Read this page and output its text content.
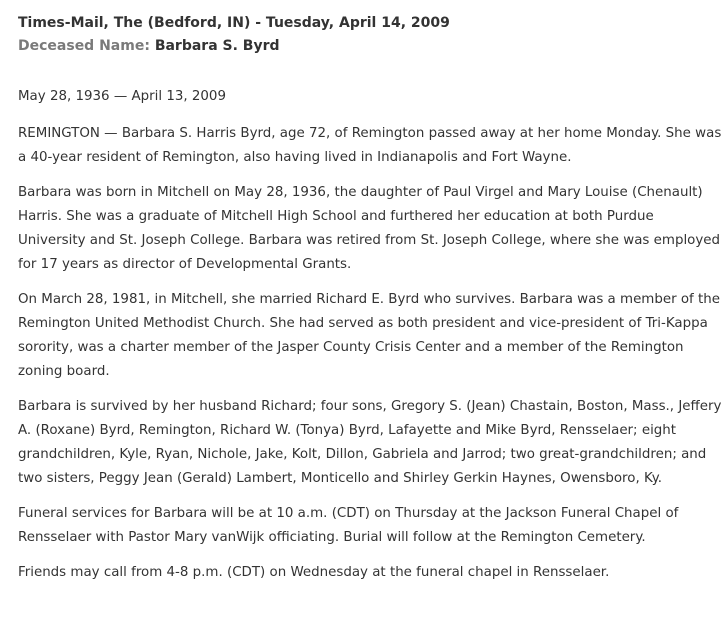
Times-Mail, The (Bedford, IN) - Tuesday, April 14, 2009
Deceased Name: Barbara S. Byrd
May 28, 1936 — April 13, 2009
REMINGTON — Barbara S. Harris Byrd, age 72, of Remington passed away at her home Monday. She was a 40-year resident of Remington, also having lived in Indianapolis and Fort Wayne.
Barbara was born in Mitchell on May 28, 1936, the daughter of Paul Virgel and Mary Louise (Chenault) Harris. She was a graduate of Mitchell High School and furthered her education at both Purdue University and St. Joseph College. Barbara was retired from St. Joseph College, where she was employed for 17 years as director of Developmental Grants.
On March 28, 1981, in Mitchell, she married Richard E. Byrd who survives. Barbara was a member of the Remington United Methodist Church. She had served as both president and vice-president of Tri-Kappa sorority, was a charter member of the Jasper County Crisis Center and a member of the Remington zoning board.
Barbara is survived by her husband Richard; four sons, Gregory S. (Jean) Chastain, Boston, Mass., Jeffery A. (Roxane) Byrd, Remington, Richard W. (Tonya) Byrd, Lafayette and Mike Byrd, Rensselaer; eight grandchildren, Kyle, Ryan, Nichole, Jake, Kolt, Dillon, Gabriela and Jarrod; two great-grandchildren; and two sisters, Peggy Jean (Gerald) Lambert, Monticello and Shirley Gerkin Haynes, Owensboro, Ky.
Funeral services for Barbara will be at 10 a.m. (CDT) on Thursday at the Jackson Funeral Chapel of Rensselaer with Pastor Mary vanWijk officiating. Burial will follow at the Remington Cemetery.
Friends may call from 4-8 p.m. (CDT) on Wednesday at the funeral chapel in Rensselaer.
